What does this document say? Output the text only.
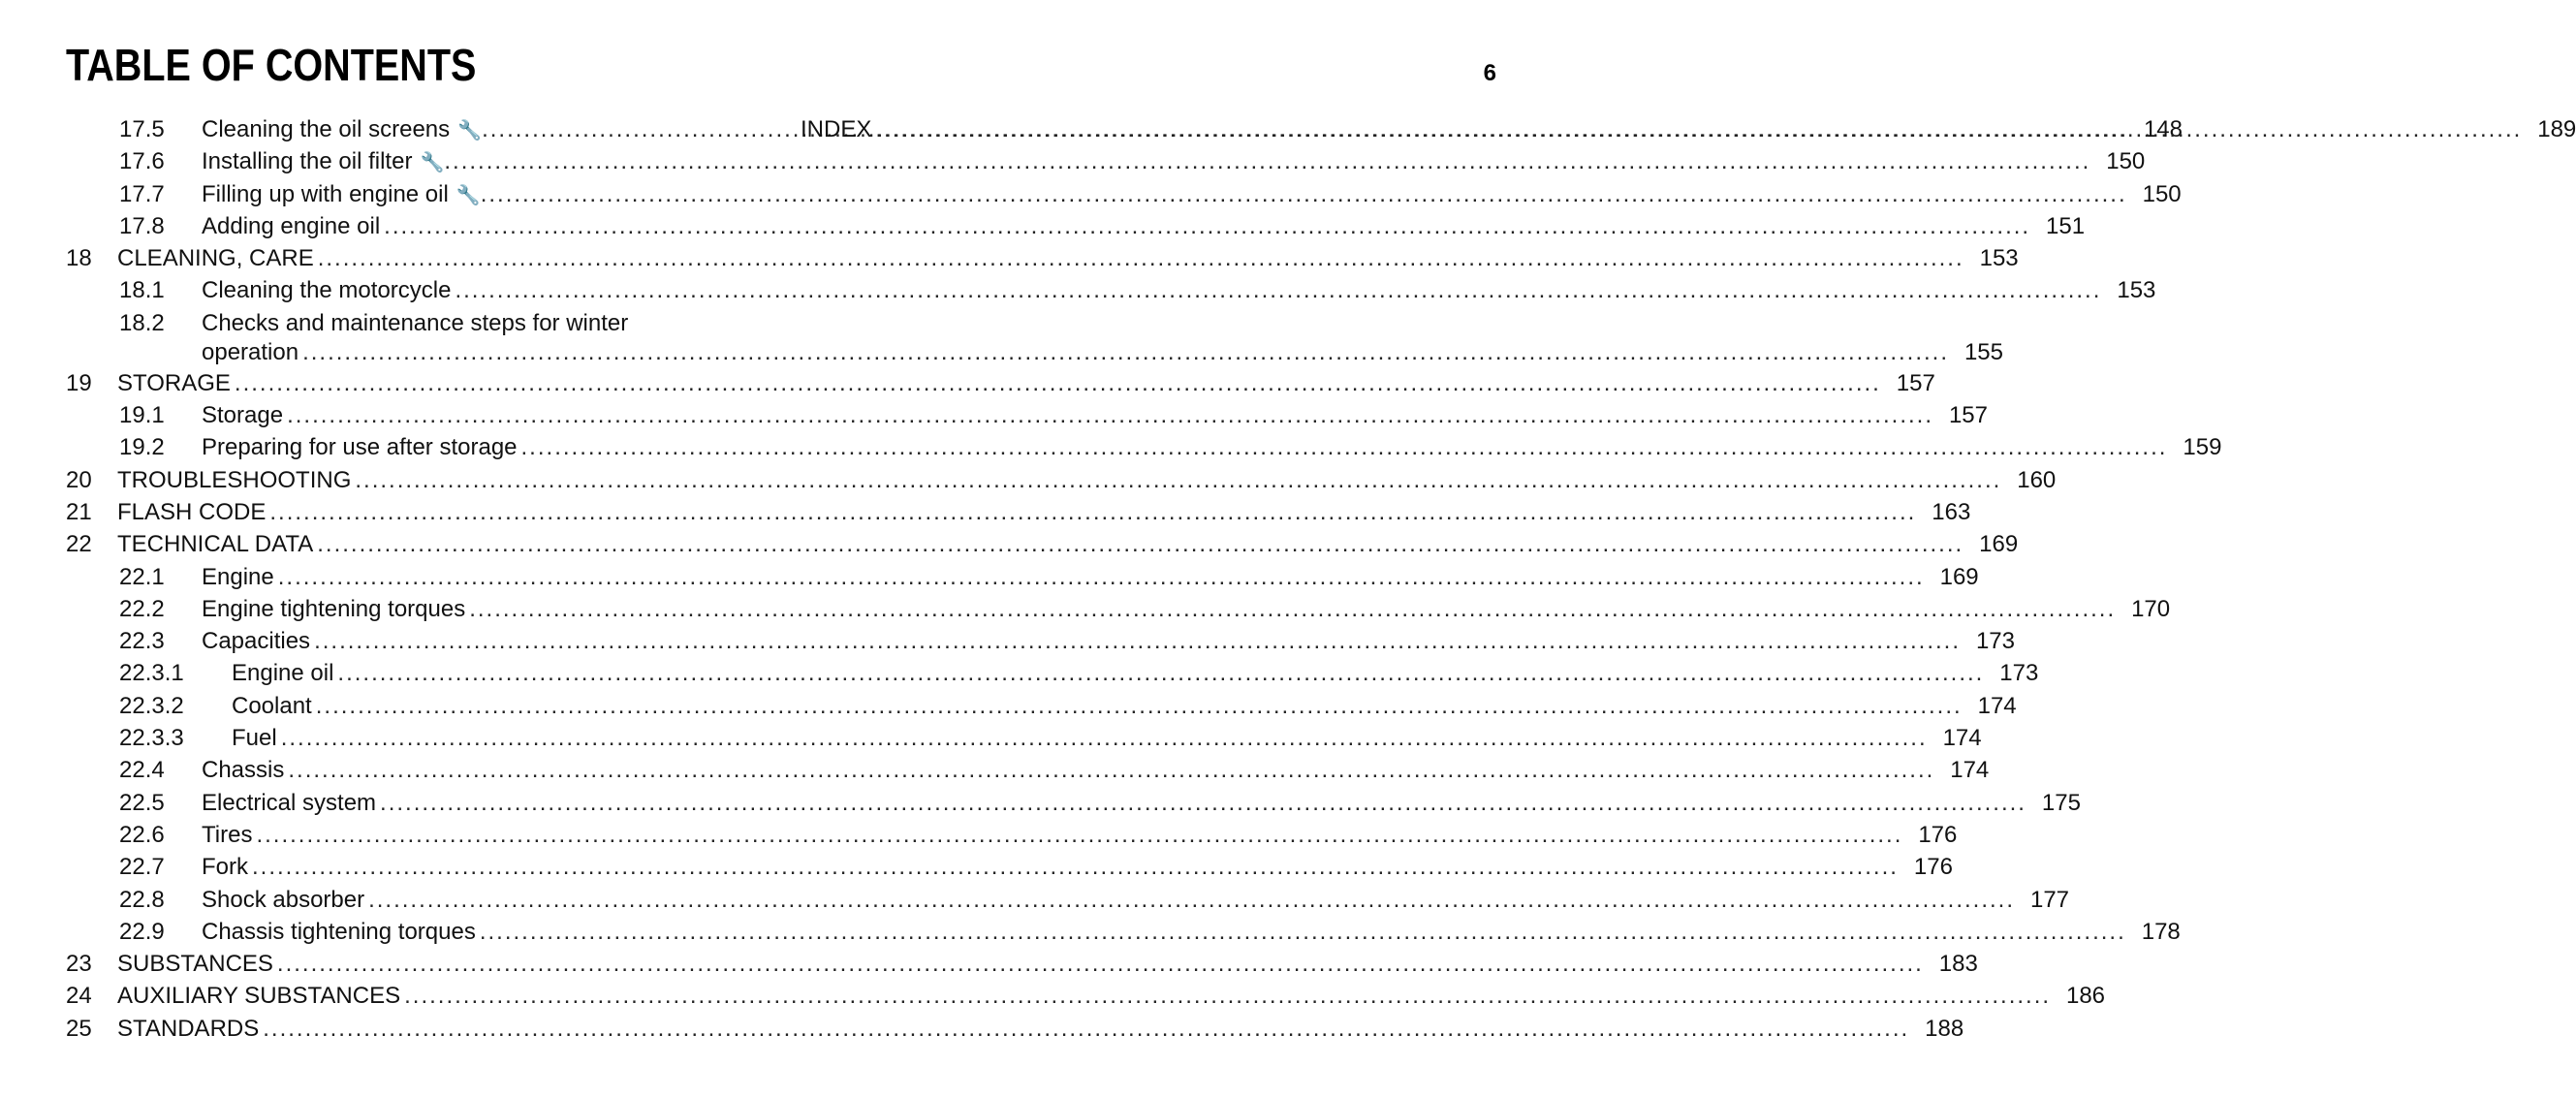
TABLE OF CONTENTS	6
17.5	Cleaning the oil screens 🔧 .....	148
17.6	Installing the oil filter 🔧 .....	150
17.7	Filling up with engine oil 🔧 .....	150
17.8	Adding engine oil .....	151
18	CLEANING, CARE .....	153
18.1	Cleaning the motorcycle .....	153
18.2	Checks and maintenance steps for winter
operation .....	155
19	STORAGE .....	157
19.1	Storage .....	157
19.2	Preparing for use after storage .....	159
20	TROUBLESHOOTING .....	160
21	FLASH CODE .....	163
22	TECHNICAL DATA .....	169
22.1	Engine .....	169
22.2	Engine tightening torques .....	170
22.3	Capacities .....	173
22.3.1	Engine oil .....	173
22.3.2	Coolant .....	174
22.3.3	Fuel .....	174
22.4	Chassis .....	174
22.5	Electrical system .....	175
22.6	Tires .....	176
22.7	Fork .....	176
22.8	Shock absorber .....	177
22.9	Chassis tightening torques .....	178
23	SUBSTANCES .....	183
24	AUXILIARY SUBSTANCES .....	186
25	STANDARDS .....	188
INDEX .....	189
